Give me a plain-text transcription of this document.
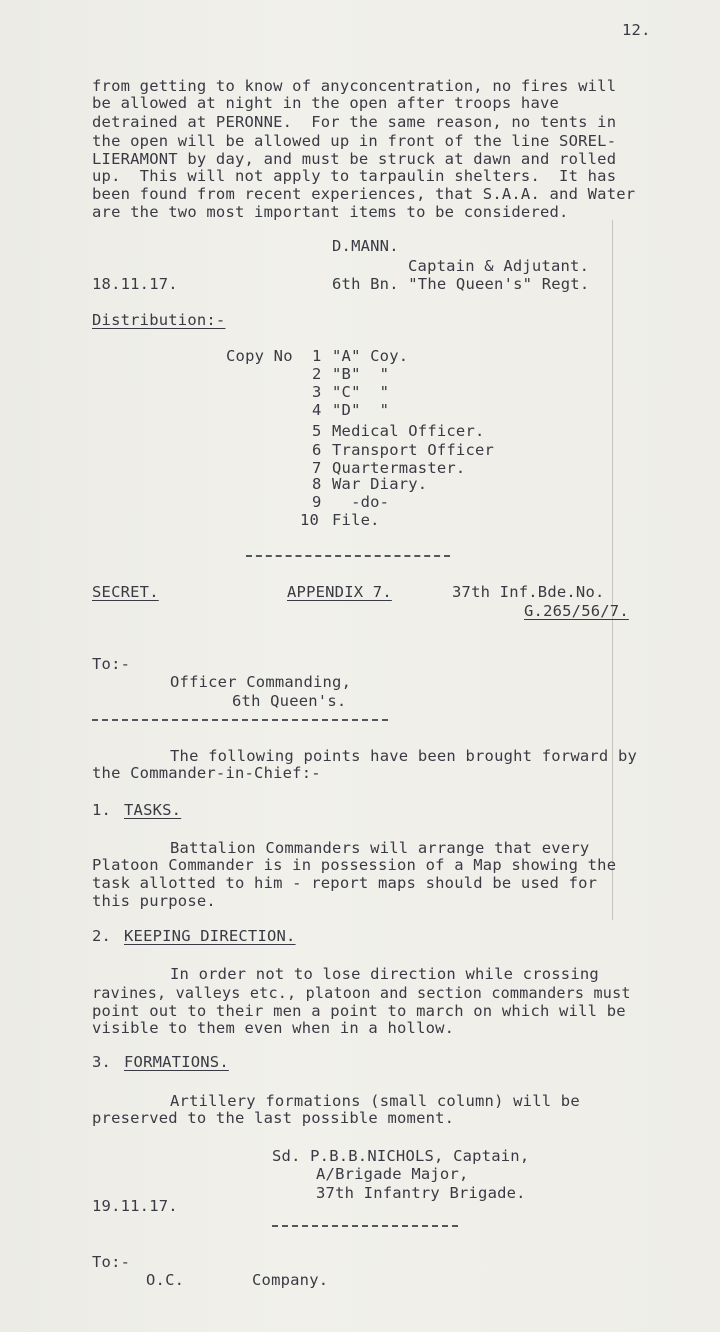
12.
from getting to know of anyconcentration, no fires will
be allowed at night in the open after troops have
detrained at PERONNE.  For the same reason, no tents in
the open will be allowed up in front of the line SOREL-
LIERAMONT by day, and must be struck at dawn and rolled
up.  This will not apply to tarpaulin shelters.  It has
been found from recent experiences, that S.A.A. and Water
are the two most important items to be considered.
D.MANN.
Captain & Adjutant.
18.11.17.	6th Bn. "The Queen's" Regt.
Distribution:-
Copy No 1 "A" Coy.
2 "B"  "
3 "C"  "
4 "D"  "
5 Medical Officer.
6 Transport Officer
7 Quartermaster.
8 War Diary.
9 -do-
10 File.
SECRET.	APPENDIX 7.	37th Inf.Bde.No.
G.265/56/7.
To:-
Officer Commanding,
6th Queen's.
The following points have been brought forward by
the Commander-in-Chief:-
1. TASKS.
Battalion Commanders will arrange that every
Platoon Commander is in possession of a Map showing the
task allotted to him - report maps should be used for
this purpose.
2. KEEPING DIRECTION.
In order not to lose direction while crossing
ravines, valleys etc., platoon and section commanders must
point out to their men a point to march on which will be
visible to them even when in a hollow.
3. FORMATIONS.
Artillery formations (small column) will be
preserved to the last possible moment.
Sd. P.B.B.NICHOLS, Captain,
A/Brigade Major,
37th Infantry Brigade.
19.11.17.
To:-
O.C.	Company.
